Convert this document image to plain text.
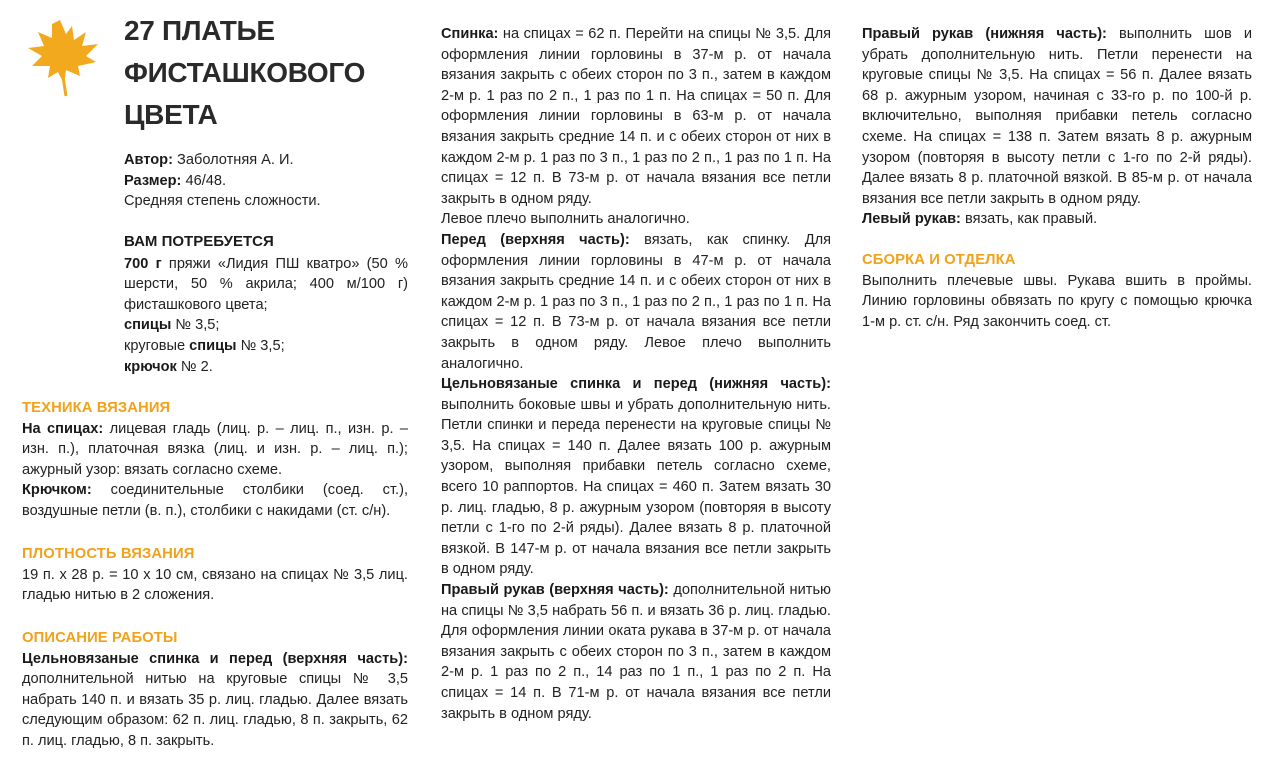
27 ПЛАТЬЕ
ФИСТАШКОВОГО
ЦВЕТА

Автор: Заболотняя А. И.

Размер: 46/48.

Средняя степень сложности.

ВАМ ПОТРЕБУЕТСЯ

700 г пряжи «Лидия ПШ кватро» (50 % шерсти, 50 % акрила; 400 м/100 г) фисташкового цвета;

спицы № 3,5;

круговые спицы № 3,5;

крючок № 2.

ТЕХНИКА ВЯЗАНИЯ

На спицах: лицевая гладь (лиц. р. – лиц. п., изн. р. – изн. п.), платочная вязка (лиц. и изн. р. – лиц. п.); ажурный узор: вязать согласно схеме.

Крючком: соединительные столбики (соед. ст.), воздушные петли (в. п.), столбики с накидами (ст. с/н).

ПЛОТНОСТЬ ВЯЗАНИЯ

19 п. x 28 р. = 10 x 10 см, связано на спицах № 3,5 лиц. гладью нитью в 2 сложения.

ОПИСАНИЕ РАБОТЫ

Цельновязаные спинка и перед (верхняя часть): дополнительной нитью на круговые спицы № 3,5 набрать 140 п. и вязать 35 р. лиц. гладью. Далее вязать следующим образом: 62 п. лиц. гладью, 8 п. закрыть, 62 п. лиц. гладью, 8 п. закрыть.

Спинка: на спицах = 62 п. Перейти на спицы № 3,5. Для оформления линии горловины в 37-м р. от начала вязания закрыть с обеих сторон по 3 п., затем в каждом 2-м р. 1 раз по 2 п., 1 раз по 1 п. На спицах = 50 п. Для оформления линии горловины в 63-м р. от начала вязания закрыть средние 14 п. и с обеих сторон от них в каждом 2-м р. 1 раз по 3 п., 1 раз по 2 п., 1 раз по 1 п. На спицах = 12 п. В 73-м р. от начала вязания все петли закрыть в одном ряду.

Левое плечо выполнить аналогично.

Перед (верхняя часть): вязать, как спинку. Для оформления линии горловины в 47-м р. от начала вязания закрыть средние 14 п. и с обеих сторон от них в каждом 2-м р. 1 раз по 3 п., 1 раз по 2 п., 1 раз по 1 п. На спицах = 12 п. В 73-м р. от начала вязания все петли закрыть в одном ряду. Левое плечо выполнить аналогично.

Цельновязаные спинка и перед (нижняя часть): выполнить боковые швы и убрать дополнительную нить. Петли спинки и переда перенести на круговые спицы № 3,5. На спицах = 140 п. Далее вязать 100 р. ажурным узором, выполняя прибавки петель согласно схеме, всего 10 раппортов. На спицах = 460 п. Затем вязать 30 р. лиц. гладью, 8 р. ажурным узором (повторяя в высоту петли с 1-го по 2-й ряды). Далее вязать 8 р. платочной вязкой. В 147-м р. от начала вязания все петли закрыть в одном ряду.

Правый рукав (верхняя часть): дополнительной нитью на спицы № 3,5 набрать 56 п. и вязать 36 р. лиц. гладью. Для оформления линии оката рукава в 37-м р. от начала вязания закрыть с обеих сторон по 3 п., затем в каждом 2-м р. 1 раз по 2 п., 14 раз по 1 п., 1 раз по 2 п. На спицах = 14 п. В 71-м р. от начала вязания все петли закрыть в одном ряду.

Правый рукав (нижняя часть): выполнить шов и убрать дополнительную нить. Петли перенести на круговые спицы № 3,5. На спицах = 56 п. Далее вязать 68 р. ажурным узором, начиная с 33-го р. по 100-й р. включительно, выполняя прибавки петель согласно схеме. На спицах = 138 п. Затем вязать 8 р. ажурным узором (повторяя в высоту петли с 1-го по 2-й ряды). Далее вязать 8 р. платочной вязкой. В 85-м р. от начала вязания все петли закрыть в одном ряду.

Левый рукав: вязать, как правый.

СБОРКА И ОТДЕЛКА

Выполнить плечевые швы. Рукава вшить в проймы. Линию горловины обвязать по кругу с помощью крючка 1-м р. ст. с/н. Ряд закончить соед. ст.
